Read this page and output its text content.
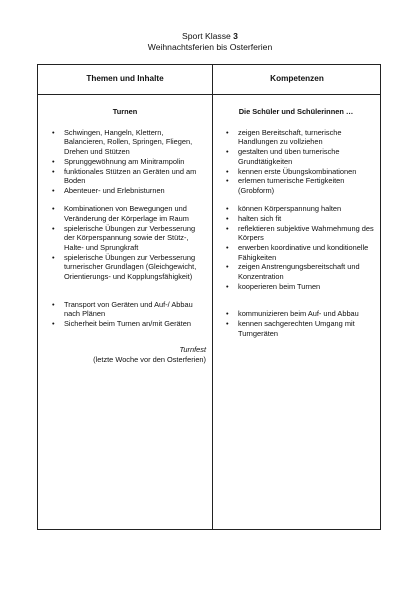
Sport Klasse 3
Weihnachtsferien bis Osterferien
Themen und Inhalte	Kompetenzen
Turnen
• Schwingen, Hangeln, Klettern, Balancieren, Rollen, Springen, Fliegen, Drehen und Stützen
• Sprunggewöhnung am Minitrampolin
• funktionales Stützen an Geräten und am Boden
• Abenteuer- und Erlebnisturnen
• Kombinationen von Bewegungen und Veränderung der Körperlage im Raum
• spielerische Übungen zur Verbesserung der Körperspannung sowie der Stütz-, Halte- und Sprungkraft
• spielerische Übungen zur Verbesserung turnerischer Grundlagen (Gleichgewicht, Orientierungs- und Kopplungsfähigkeit)
• Transport von Geräten und Auf-/ Abbau nach Plänen
• Sicherheit beim Turnen an/mit Geräten
Turnfest
(letzte Woche vor den Osterferien)
Die Schüler und Schülerinnen …
• zeigen Bereitschaft, turnerische Handlungen zu vollziehen
• gestalten und üben turnerische Grundtätigkeiten
• kennen erste Übungskombinationen
• erlernen turnerische Fertigkeiten (Grobform)
• können Körperspannung halten
• halten sich fit
• reflektieren subjektive Wahrnehmung des Körpers
• erwerben koordinative und konditionelle Fähigkeiten
• zeigen Anstrengungsbereitschaft und Konzentration
• kooperieren beim Turnen
• kommunizieren beim Auf- und Abbau
• kennen sachgerechten Umgang mit Turngeräten
